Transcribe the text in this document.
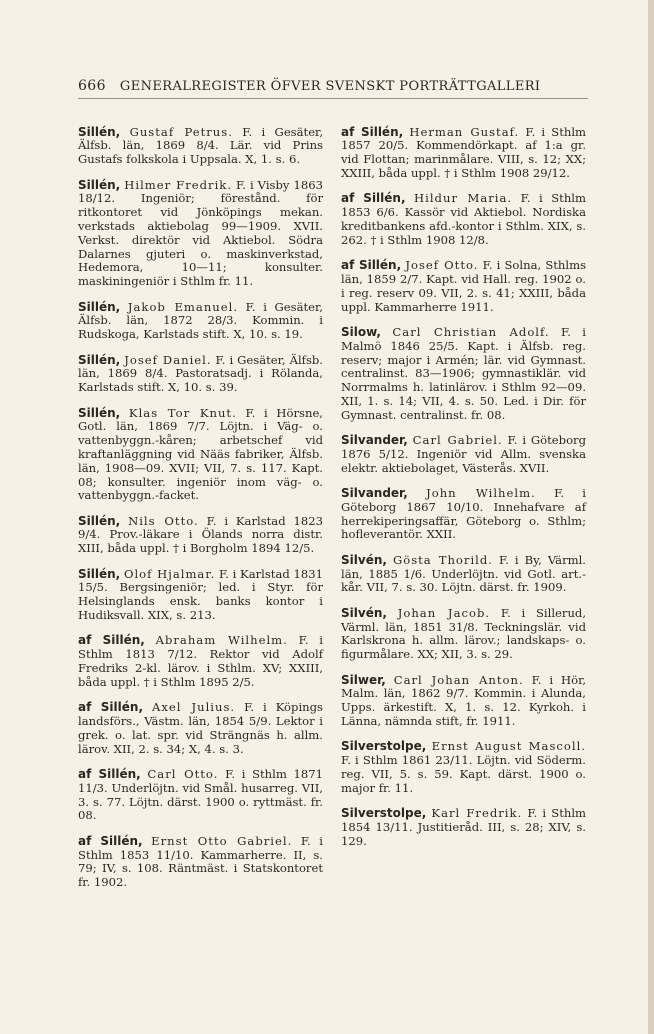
666 GENERALREGISTER ÖFVER SVENSKT PORTRÄTTGALLERI

Sillén, Gustaf Petrus. F. i Gesäter, Älfsb. län, 1869 8/4. Lär. vid Prins Gustafs folkskola i Uppsala. X, 1. s. 6.

Sillén, Hilmer Fredrik. F. i Visby 1863 18/12. Ingeniör; förestånd. för ritkontoret vid Jönköpings mekan. verkstads aktiebolag 99—1909. XVII. Verkst. direktör vid Aktiebol. Södra Dalarnes gjuteri o. maskinverkstad, Hedemora, 10—11; konsulter. maskiningeniör i Sthlm fr. 11.

Sillén, Jakob Emanuel. F. i Gesäter, Älfsb. län, 1872 28/3. Kommin. i Rudskoga, Karlstads stift. X, 10. s. 19.

Sillén, Josef Daniel. F. i Gesäter, Älfsb. län, 1869 8/4. Pastoratsadj. i Rölanda, Karlstads stift. X, 10. s. 39.

Sillén, Klas Tor Knut. F. i Hörsne, Gotl. län, 1869 7/7. Löjtn. i Väg- o. vattenbyggn.-kåren; arbetschef vid kraftanläggning vid Nääs fabriker, Älfsb. län, 1908—09. XVII; VII, 7. s. 117. Kapt. 08; konsulter. ingeniör inom väg- o. vattenbyggn.-facket.

Sillén, Nils Otto. F. i Karlstad 1823 9/4. Prov.-läkare i Ölands norra distr. XIII, båda uppl. † i Borgholm 1894 12/5.

Sillén, Olof Hjalmar. F. i Karlstad 1831 15/5. Bergsingeniör; led. i Styr. för Helsinglands ensk. banks kontor i Hudiksvall. XIX, s. 213.

af Sillén, Abraham Wilhelm. F. i Sthlm 1813 7/12. Rektor vid Adolf Fredriks 2-kl. lärov. i Sthlm. XV; XXIII, båda uppl. † i Sthlm 1895 2/5.

af Sillén, Axel Julius. F. i Köpings landsförs., Västm. län, 1854 5/9. Lektor i grek. o. lat. spr. vid Strängnäs h. allm. lärov. XII, 2. s. 34; X, 4. s. 3.

af Sillén, Carl Otto. F. i Sthlm 1871 11/3. Underlöjtn. vid Smål. husarreg. VII, 3. s. 77. Löjtn. därst. 1900 o. ryttmäst. fr. 08.

af Sillén, Ernst Otto Gabriel. F. i Sthlm 1853 11/10. Kammarherre. II, s. 79; IV, s. 108. Räntmäst. i Statskontoret fr. 1902.

af Sillén, Herman Gustaf. F. i Sthlm 1857 20/5. Kommendörkapt. af 1:a gr. vid Flottan; marinmålare. VIII, s. 12; XX; XXIII, båda uppl. † i Sthlm 1908 29/12.

af Sillén, Hildur Maria. F. i Sthlm 1853 6/6. Kassör vid Aktiebol. Nordiska kreditbankens afd.-kontor i Sthlm. XIX, s. 262. † i Sthlm 1908 12/8.

af Sillén, Josef Otto. F. i Solna, Sthlms län, 1859 2/7. Kapt. vid Hall. reg. 1902 o. i reg. reserv 09. VII, 2. s. 41; XXIII, båda uppl. Kammarherre 1911.

Silow, Carl Christian Adolf. F. i Malmö 1846 25/5. Kapt. i Älfsb. reg. reserv; major i Armén; lär. vid Gymnast. centralinst. 83—1906; gymnastiklär. vid Norrmalms h. latinlärov. i Sthlm 92—09. XII, 1. s. 14; VII, 4. s. 50. Led. i Dir. för Gymnast. centralinst. fr. 08.

Silvander, Carl Gabriel. F. i Göteborg 1876 5/12. Ingeniör vid Allm. svenska elektr. aktiebolaget, Västerås. XVII.

Silvander, John Wilhelm. F. i Göteborg 1867 10/10. Innehafvare af herrekiperingsaffär, Göteborg o. Sthlm; hofleverantör. XXII.

Silvén, Gösta Thorild. F. i By, Värml. län, 1885 1/6. Underlöjtn. vid Gotl. art.-kår. VII, 7. s. 30. Löjtn. därst. fr. 1909.

Silvén, Johan Jacob. F. i Sillerud, Värml. län, 1851 31/8. Teckningslär. vid Karlskrona h. allm. lärov.; landskaps- o. figurmålare. XX; XII, 3. s. 29.

Silwer, Carl Johan Anton. F. i Hör, Malm. län, 1862 9/7. Kommin. i Alunda, Upps. ärkestift. X, 1. s. 12. Kyrkoh. i Länna, nämnda stift, fr. 1911.

Silverstolpe, Ernst August Mascoll. F. i Sthlm 1861 23/11. Löjtn. vid Söderm. reg. VII, 5. s. 59. Kapt. därst. 1900 o. major fr. 11.

Silverstolpe, Karl Fredrik. F. i Sthlm 1854 13/11. Justitieråd. III, s. 28; XIV, s. 129.
